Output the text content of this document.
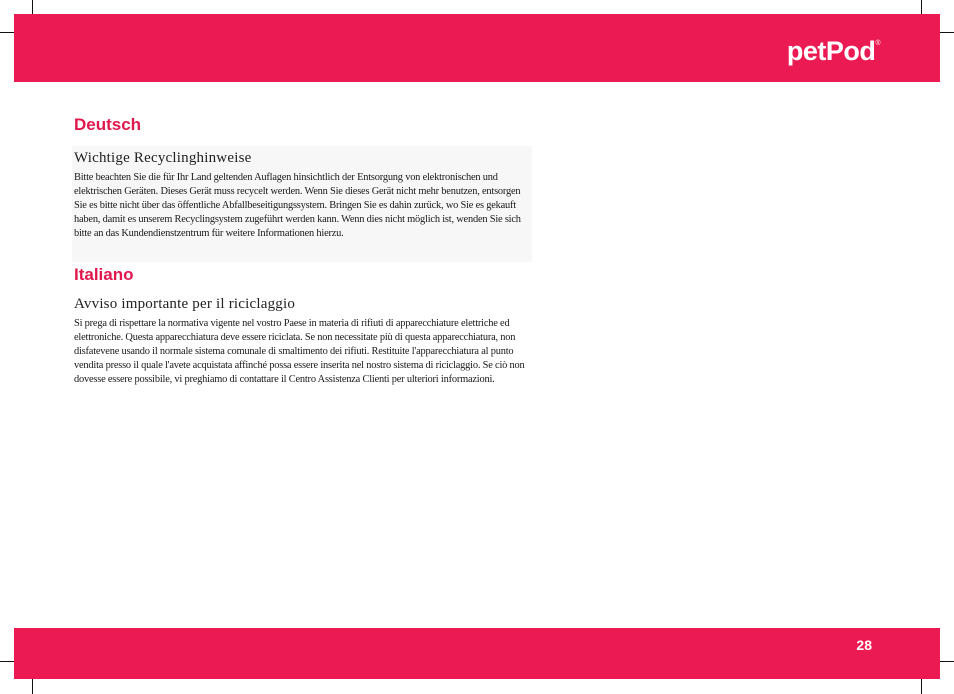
petPod®
Deutsch
Wichtige Recyclinghinweise

Bitte beachten Sie die für Ihr Land geltenden Auflagen hinsichtlich der Entsorgung von elektronischen und elektrischen Geräten. Dieses Gerät muss recycelt werden. Wenn Sie dieses Gerät nicht mehr benutzen, entsorgen Sie es bitte nicht über das öffentliche Abfallbeseitigungssystem. Bringen Sie es dahin zurück, wo Sie es gekauft haben, damit es unserem Recyclingsystem zugeführt werden kann. Wenn dies nicht möglich ist, wenden Sie sich bitte an das Kundendienstzentrum für weitere Informationen hierzu.

Italiano
Avviso importante per il riciclaggio

Si prega di rispettare la normativa vigente nel vostro Paese in materia di rifiuti di apparecchiature elettriche ed elettroniche. Questa apparecchiatura deve essere riciclata. Se non necessitate più di questa apparecchiatura, non disfatevene usando il normale sistema comunale di smaltimento dei rifiuti. Restituite l'apparecchiatura al punto vendita presso il quale l'avete acquistata affinché possa essere inserita nel nostro sistema di riciclaggio. Se ciò non dovesse essere possibile, vi preghiamo di contattare il Centro Assistenza Clienti per ulteriori informazioni.

28
